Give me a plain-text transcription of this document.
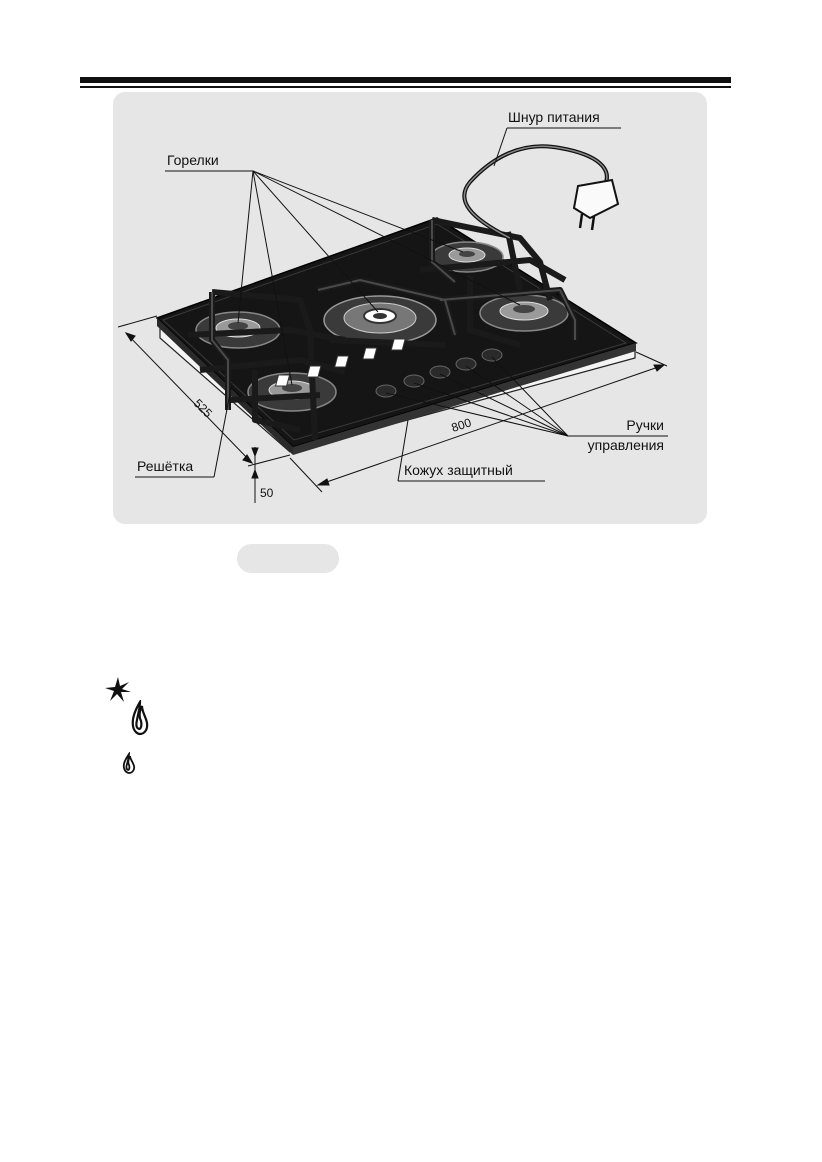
Горелки
Шнур питания
Решётка
Ручки
управления
Кожух защитный
525
800
50
